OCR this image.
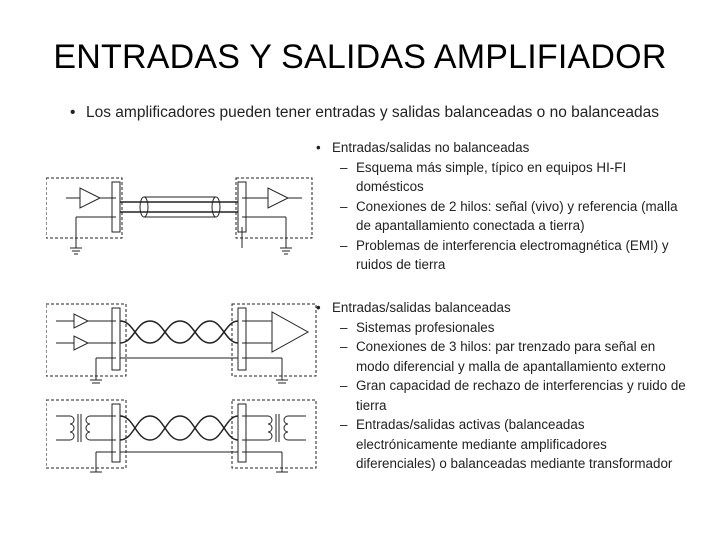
ENTRADAS Y SALIDAS AMPLIFIADOR
• Los amplificadores pueden tener entradas y salidas balanceadas o no balanceadas
• Entradas/salidas no balanceadas
– Esquema más simple, típico en equipos HI-FI domésticos
– Conexiones de 2 hilos: señal (vivo) y referencia (malla de apantallamiento conectada a tierra)
– Problemas de interferencia electromagnética (EMI) y ruidos de tierra
• Entradas/salidas balanceadas
– Sistemas profesionales
– Conexiones de 3 hilos: par trenzado para señal en modo diferencial y malla de apantallamiento externo
– Gran capacidad de rechazo de interferencias y ruido de tierra
– Entradas/salidas activas (balanceadas electrónicamente mediante amplificadores diferenciales) o balanceadas mediante transformador
